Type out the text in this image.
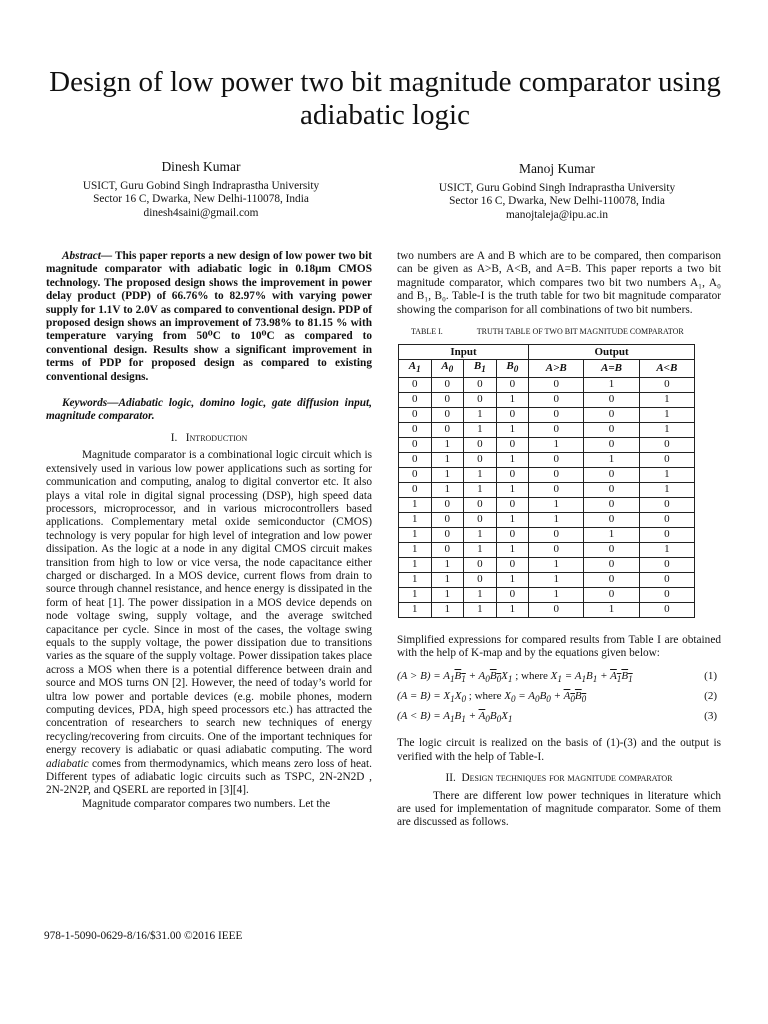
Design of low power two bit magnitude comparator using adiabatic logic
Dinesh Kumar
USICT, Guru Gobind Singh Indraprastha University
Sector 16 C, Dwarka, New Delhi-110078, India
dinesh4saini@gmail.com
Manoj Kumar
USICT, Guru Gobind Singh Indraprastha University
Sector 16 C, Dwarka, New Delhi-110078, India
manojtaleja@ipu.ac.in

Abstract— This paper reports a new design of low power two bit magnitude comparator with adiabatic logic in 0.18μm CMOS technology. The proposed design shows the improvement in power delay product (PDP) of 66.76% to 82.97% with varying power supply for 1.1V to 2.0V as compared to conventional design. PDP of proposed design shows an improvement of 73.98% to 81.15 % with temperature varying from 50⁰C to 10⁰C as compared to conventional design. Results show a significant improvement in terms of PDP for proposed design as compared to existing conventional designs.

Keywords—Adiabatic logic, domino logic, gate diffusion input, magnitude comparator.

I. Introduction

Magnitude comparator is a combinational logic circuit which is extensively used in various low power applications such as sorting for communication and computing, analog to digital convertor etc. It also plays a vital role in digital signal processing (DSP), high speed data processors, microprocessor, and in various microcontrollers based applications. Complementary metal oxide semiconductor (CMOS) technology is very popular for high level of integration and low power dissipation. As the logic at a node in any digital CMOS circuit makes transition from high to low or vice versa, the node capacitance either charged or discharged. In a MOS device, current flows from drain to source through channel resistance, and hence energy is dissipated in the form of heat [1]. The power dissipation in a MOS device depends on node voltage swing, supply voltage, and the average switched capacitance per cycle. Since in most of the cases, the voltage swing equals to the supply voltage, the power dissipation due to transitions varies as the square of the supply voltage. Power dissipation takes place across a MOS when there is a potential difference between drain and source and MOS turns ON [2]. However, the need of today’s world for ultra low power and portable devices (e.g. mobile phones, modern computing devices, PDA, high speed processors etc.) has attracted the concentration of researchers to search new techniques of energy recycling/recovering from circuits. One of the important techniques for energy recovery is adiabatic or quasi adiabatic computing. The word adiabatic comes from thermodynamics, which means zero loss of heat. Different types of adiabatic logic circuits such as TSPC, 2N-2N2D , 2N-2N2P, and QSERL are reported in [3][4].

Magnitude comparator compares two numbers. Let the

two numbers are A and B which are to be compared, then comparison can be given as A>B, A<B, and A=B. This paper reports a two bit magnitude comparator, which compares two bit two numbers A₁, A₀ and B₁, B₀. Table-I is the truth table for two bit magnitude comparator showing the comparison for all combinations of two bit numbers.

TABLE I.	TRUTH TABLE OF TWO BIT MAGNITUDE COMPARATOR
Input				Output		
$A_1$	$A_0$	$B_1$	$B_0$	A>B	A=B	A<B
0	0	0	0	0	1	0
0	0	0	1	0	0	1
0	0	1	0	0	0	1
0	0	1	1	0	0	1
0	1	0	0	1	0	0
0	1	0	1	0	1	0
0	1	1	0	0	0	1
0	1	1	1	0	0	1
1	0	0	0	1	0	0
1	0	0	1	1	0	0
1	0	1	0	0	1	0
1	0	1	1	0	0	1
1	1	0	0	1	0	0
1	1	0	1	1	0	0
1	1	1	0	1	0	0
1	1	1	1	0	1	0

Simplified expressions for compared results from Table I are obtained with the help of K-map and by the equations given below:

$(A > B) = A_1B_1 + A_0B_0X_1$ ; where $X_1 = A_1B_1 + A_1B_1$	(1)
$(A = B) = X_1X_0$ ; where $X_0 = A_0B_0 + A_0B_0$	(2)
$(A < B) = A_1B_1 + \overline{A}_0B_0X_1$	(3)

The logic circuit is realized on the basis of (1)-(3) and the output is verified with the help of Table-I.

II. Design techniques for magnitude comparator

There are different low power techniques in literature which are used for implementation of magnitude comparator. Some of them are discussed as follows.

978-1-5090-0629-8/16/$31.00 ©2016 IEEE
